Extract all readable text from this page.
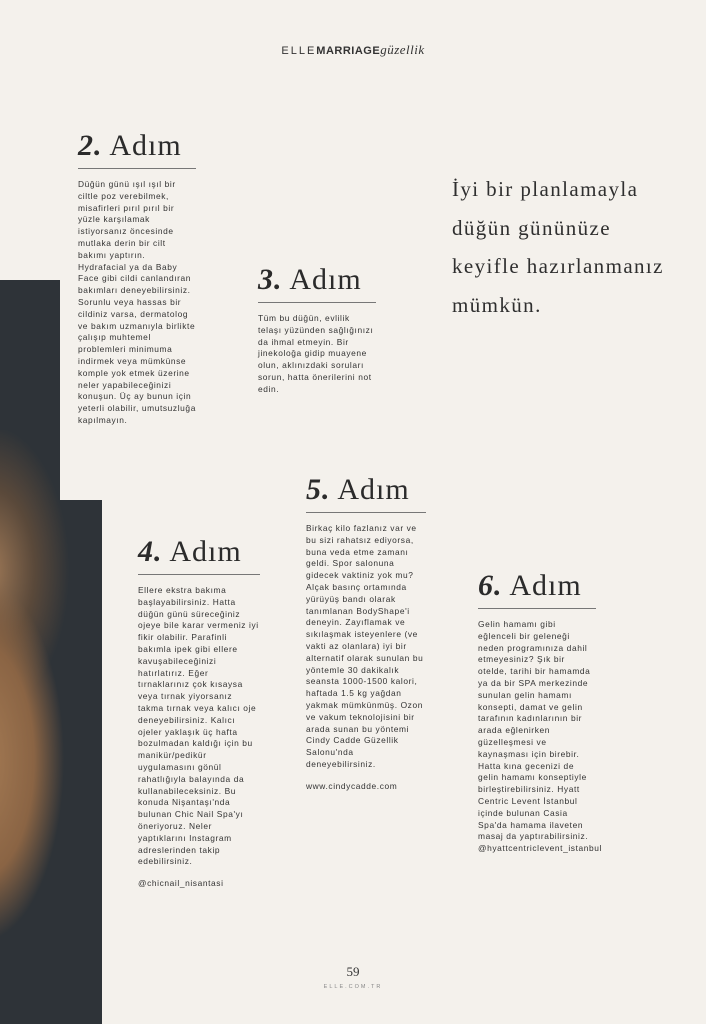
ELLEMARRIAGEgüzellik
2. Adım

Düğün günü ışıl ışıl bir ciltle poz verebilmek, misafirleri pırıl pırıl bir yüzle karşılamak istiyorsanız öncesinde mutlaka derin bir cilt bakımı yaptırın. Hydrafacial ya da Baby Face gibi cildi canlandıran bakımları deneyebilirsiniz. Sorunlu veya hassas bir cildiniz varsa, dermatolog ve bakım uzmanıyla birlikte çalışıp muhtemel problemleri minimuma indirmek veya mümkünse komple yok etmek üzerine neler yapabileceğinizi konuşun. Üç ay bunun için yeterli olabilir, umutsuzluğa kapılmayın.

3. Adım

Tüm bu düğün, evlilik telaşı yüzünden sağlığınızı da ihmal etmeyin. Bir jinekoloğa gidip muayene olun, aklınızdaki soruları sorun, hatta önerilerini not edin.

İyi bir planlamayla düğün gününüze keyifle hazırlanmanız mümkün.
5. Adım

Birkaç kilo fazlanız var ve bu sizi rahatsız ediyorsa, buna veda etme zamanı geldi. Spor salonuna gidecek vaktiniz yok mu? Alçak basınç ortamında yürüyüş bandı olarak tanımlanan BodyShape'i deneyin. Zayıflamak ve sıkılaşmak isteyenlere (ve vakti az olanlara) iyi bir alternatif olarak sunulan bu yöntemle 30 dakikalık seansta 1000-1500 kalori, haftada 1.5 kg yağdan yakmak mümkünmüş. Ozon ve vakum teknolojisini bir arada sunan bu yöntemi Cindy Cadde Güzellik Salonu'nda deneyebilirsiniz.

www.cindycadde.com

4. Adım

Ellere ekstra bakıma başlayabilirsiniz. Hatta düğün günü süreceğiniz ojeye bile karar vermeniz iyi fikir olabilir. Parafinli bakımla ipek gibi ellere kavuşabileceğinizi hatırlatırız. Eğer tırnaklarınız çok kısaysa veya tırnak yiyorsanız takma tırnak veya kalıcı oje deneyebilirsiniz. Kalıcı ojeler yaklaşık üç hafta bozulmadan kaldığı için bu manikür/pedikür uygulamasını gönül rahatlığıyla balayında da kullanabileceksiniz. Bu konuda Nişantaşı'nda bulunan Chic Nail Spa'yı öneriyoruz. Neler yaptıklarını Instagram adreslerinden takip edebilirsiniz.

@chicnail_nisantasi

6. Adım

Gelin hamamı gibi eğlenceli bir geleneği neden programınıza dahil etmeyesiniz? Şık bir otelde, tarihi bir hamamda ya da bir SPA merkezinde sunulan gelin hamamı konsepti, damat ve gelin tarafının kadınlarının bir arada eğlenirken güzelleşmesi ve kaynaşması için birebir. Hatta kına gecenizi de gelin hamamı konseptiyle birleştirebilirsiniz. Hyatt Centric Levent İstanbul içinde bulunan Casia Spa'da hamama ilaveten masaj da yaptırabilirsiniz. @hyattcentriclevent_istanbul

59
ELLE.COM.TR
